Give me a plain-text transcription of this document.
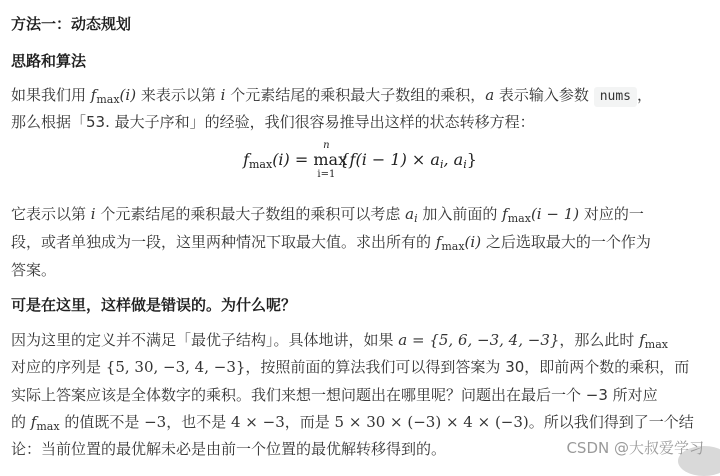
方法一：动态规划
思路和算法
如果我们用 $f_{max}(i)$ 来表示以第 i 个元素结尾的乘积最大子数组的乘积，a 表示输入参数 nums ，
那么根据「53. 最大子序和」的经验，我们很容易推导出这样的状态转移方程：
$f_{max}(i)$ =
n
max
i=1
{f(i − 1) × ai, ai}
它表示以第 i 个元素结尾的乘积最大子数组的乘积可以考虑 $a_i$ 加入前面的 $f_{max}(i - 1)$ 对应的一
段，或者单独成为一段，这里两种情况下取最大值。求出所有的 $f_{max}(i)$ 之后选取最大的一个作为
答案。
可是在这里，这样做是错误的。为什么呢？
因为这里的定义并不满足「最优子结构」。具体地讲，如果 a = {5, 6, −3, 4, −3}，那么此时 $f_{max}$
对应的序列是 {5, 30, −3, 4, −3}，按照前面的算法我们可以得到答案为 30，即前两个数的乘积，而
实际上答案应该是全体数字的乘积。我们来想一想问题出在哪里呢？问题出在最后一个 −3 所对应
的 $f_{max}$ 的值既不是 −3，也不是 4 × −3，而是 5 × 30 × (−3) × 4 × (−3)。所以我们得到了一个结
论：当前位置的最优解未必是由前一个位置的最优解转移得到的。	CSDN @大叔爱学习
